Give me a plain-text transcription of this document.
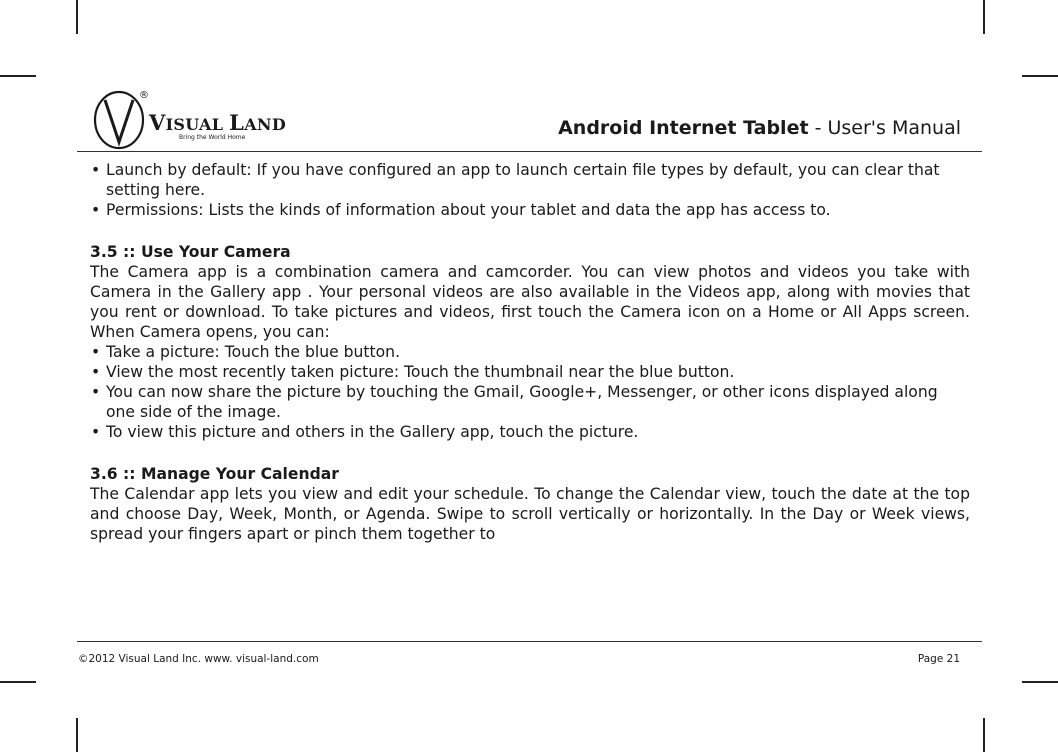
®
VISUAL LAND
Bring the World Home	Android Internet Tablet - User's Manual

• Launch by default: If you have configured an app to launch certain file types by default, you can clear that setting here.

• Permissions: Lists the kinds of information about your tablet and data the app has access to.

3.5 :: Use Your Camera

The Camera app is a combination camera and camcorder. You can view photos and videos you take with Camera in the Gallery app . Your personal videos are also available in the Videos app, along with movies that you rent or download. To take pictures and videos, first touch the Camera icon on a Home or All Apps screen. When Camera opens, you can:

• Take a picture: Touch the blue button.

• View the most recently taken picture: Touch the thumbnail near the blue button.

• You can now share the picture by touching the Gmail, Google+, Messenger, or other icons displayed along one side of the image.

• To view this picture and others in the Gallery app, touch the picture.

3.6 :: Manage Your Calendar

The Calendar app lets you view and edit your schedule. To change the Calendar view, touch the date at the top and choose Day, Week, Month, or Agenda. Swipe to scroll vertically or horizontally. In the Day or Week views, spread your fingers apart or pinch them together to

©2012 Visual Land Inc. www. visual-land.com	Page 21
